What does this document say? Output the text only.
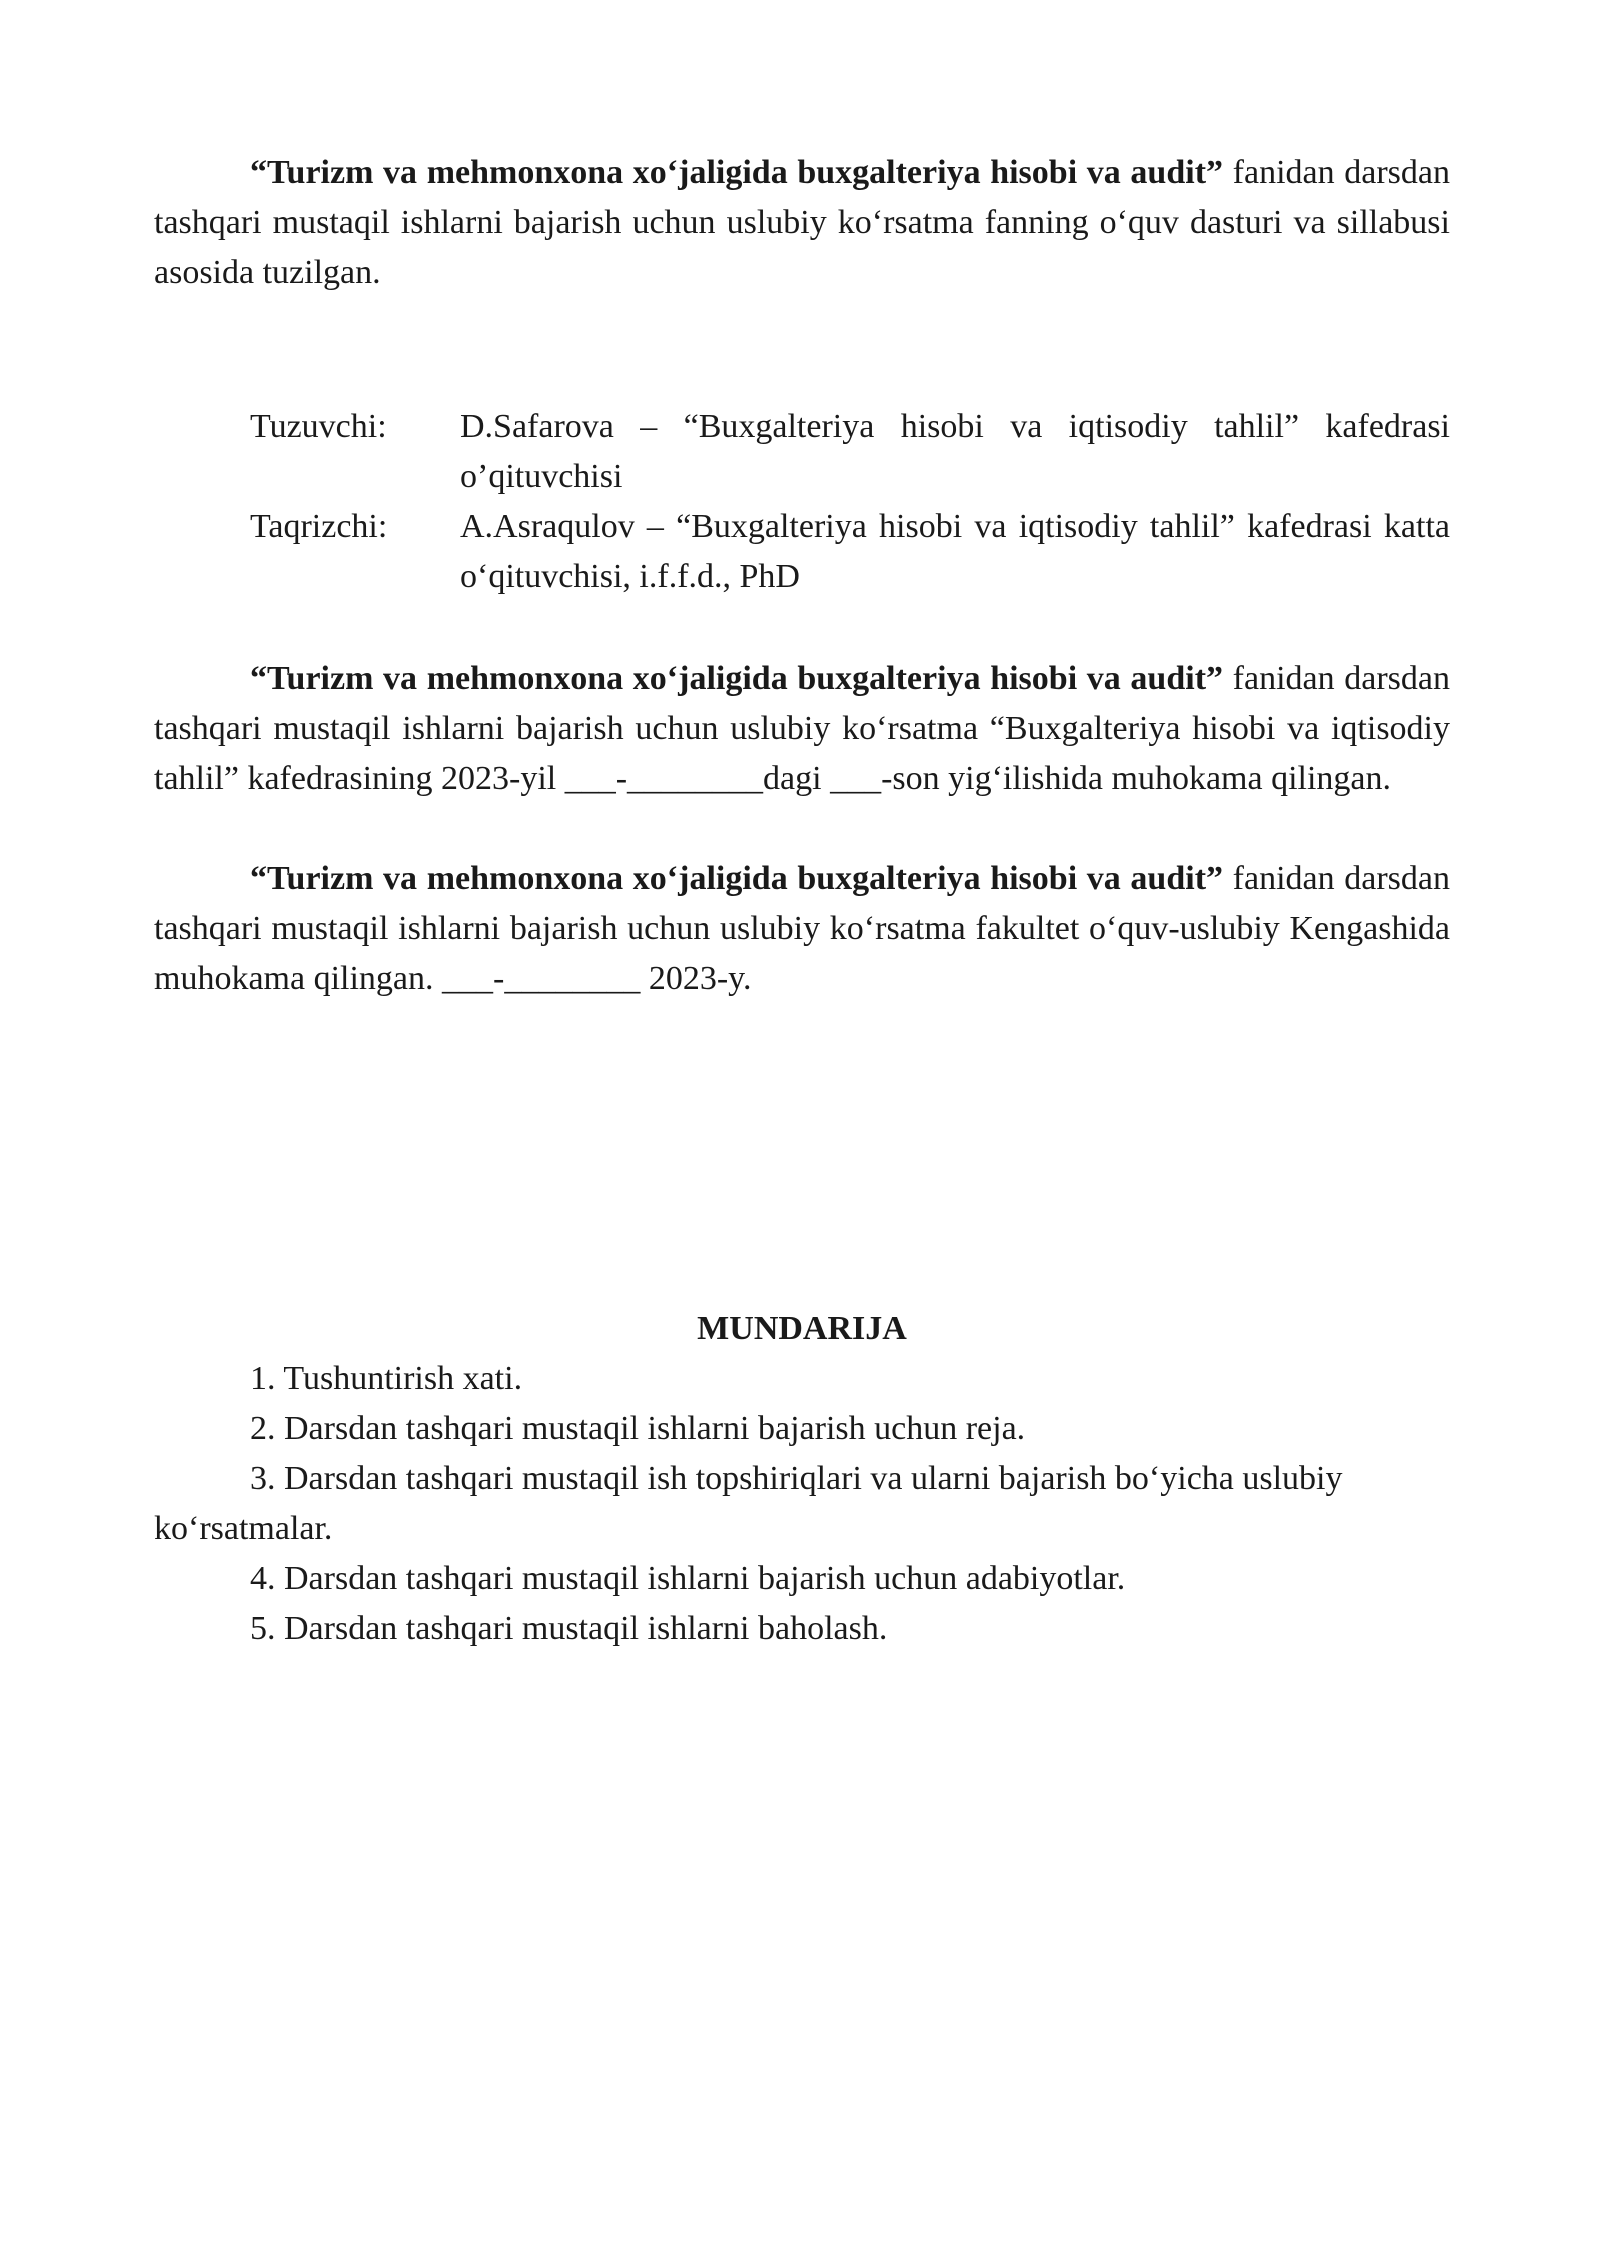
“Turizm va mehmonxona xo‘jaligida buxgalteriya hisobi va audit” fanidan darsdan tashqari mustaqil ishlarni bajarish uchun uslubiy ko‘rsatma fanning o‘quv dasturi va sillabusi asosida tuzilgan.

Tuzuvchi:	D.Safarova – “Buxgalteriya hisobi va iqtisodiy tahlil” kafedrasi o’qituvchisi
Taqrizchi:	A.Asraqulov – “Buxgalteriya hisobi va iqtisodiy tahlil” kafedrasi katta o‘qituvchisi, i.f.f.d., PhD

“Turizm va mehmonxona xo‘jaligida buxgalteriya hisobi va audit” fanidan darsdan tashqari mustaqil ishlarni bajarish uchun uslubiy ko‘rsatma “Buxgalteriya hisobi va iqtisodiy tahlil” kafedrasining 2023-yil ___-________dagi ___-son yig‘ilishida muhokama qilingan.

“Turizm va mehmonxona xo‘jaligida buxgalteriya hisobi va audit” fanidan darsdan tashqari mustaqil ishlarni bajarish uchun uslubiy ko‘rsatma fakultet o‘quv-uslubiy Kengashida muhokama qilingan. ___-________ 2023-y.

MUNDARIJA

1. Tushuntirish xati.

2. Darsdan tashqari mustaqil ishlarni bajarish uchun reja.

3. Darsdan tashqari mustaqil ish topshiriqlari va ularni bajarish bo‘yicha uslubiy ko‘rsatmalar.

4. Darsdan tashqari mustaqil ishlarni bajarish uchun adabiyotlar.

5. Darsdan tashqari mustaqil ishlarni baholash.
